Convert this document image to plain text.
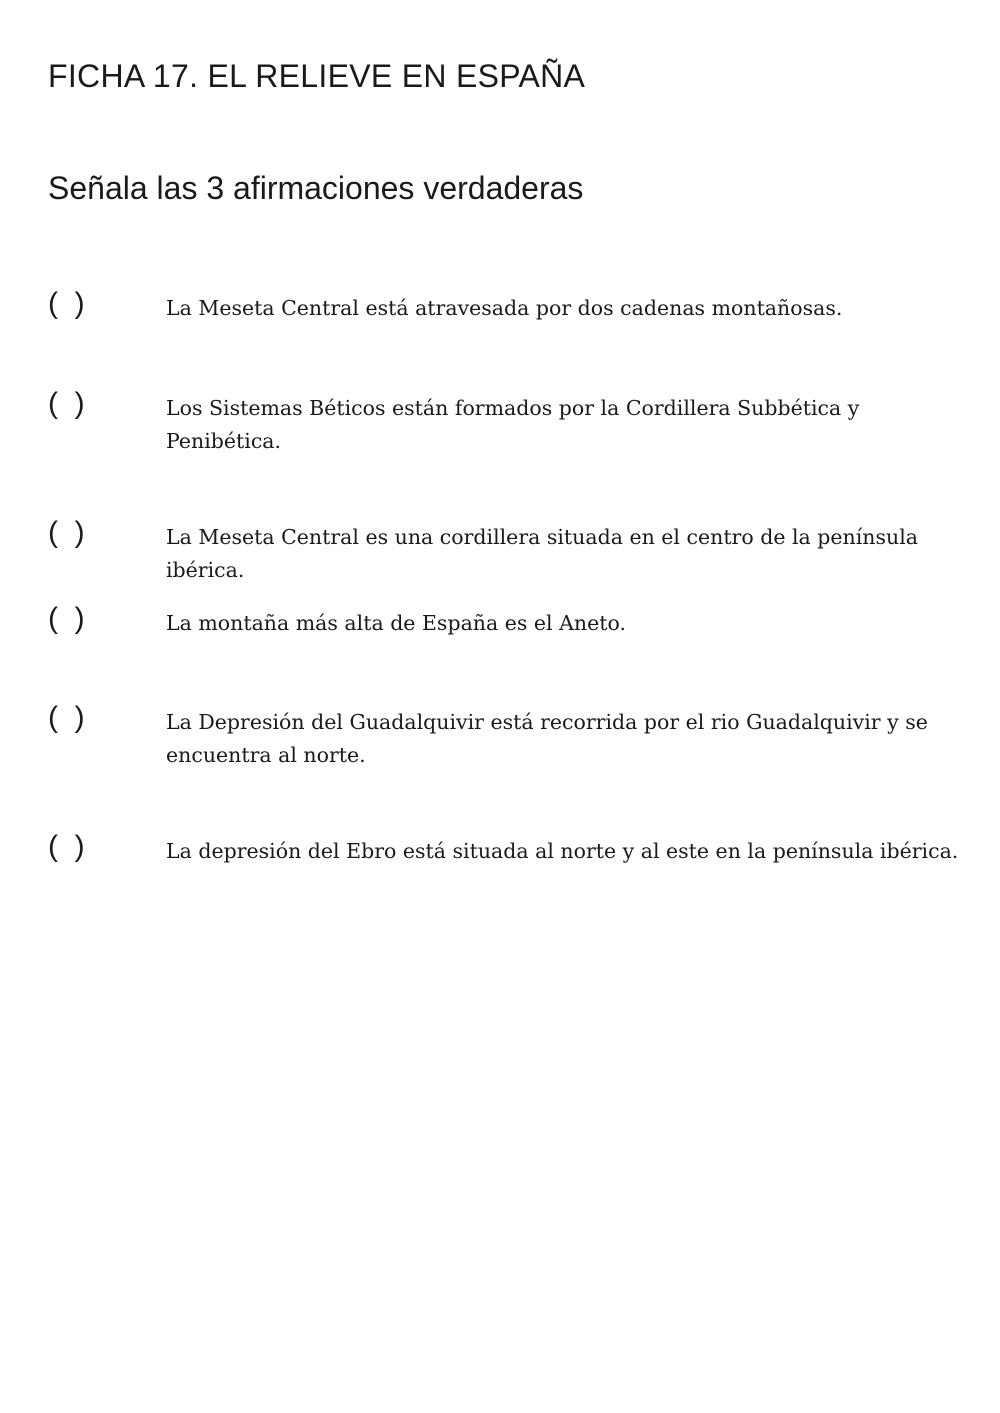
FICHA 17. EL RELIEVE EN ESPAÑA
Señala las 3 afirmaciones verdaderas
(  )	La Meseta Central está atravesada por dos cadenas montañosas.
(  )	Los Sistemas Béticos están formados por la Cordillera Subbética y Penibética.
(  )	La Meseta Central es una cordillera situada en el centro de la península ibérica.
(  )	La montaña más alta de España es el Aneto.
(  )	La Depresión del Guadalquivir está recorrida por el rio Guadalquivir y se encuentra al norte.
(  )	La depresión del Ebro está situada al norte y al este en la península ibérica.
